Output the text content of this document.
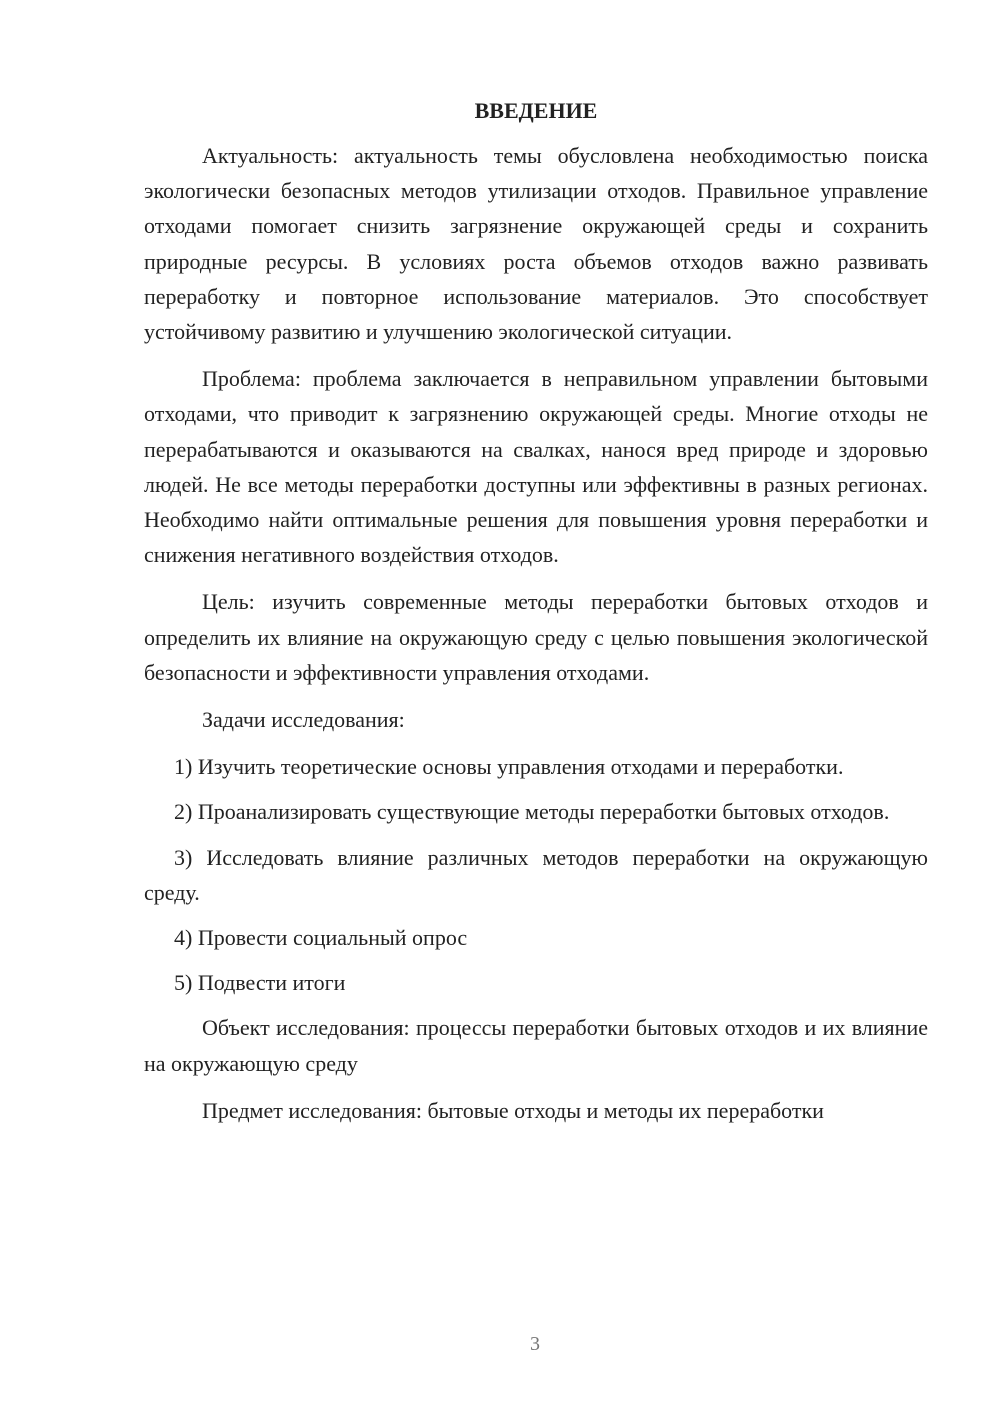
ВВЕДЕНИЕ

Актуальность: актуальность темы обусловлена необходимостью поиска экологически безопасных методов утилизации отходов. Правильное управление отходами помогает снизить загрязнение окружающей среды и сохранить природные ресурсы. В условиях роста объемов отходов важно развивать переработку и повторное использование материалов. Это способствует устойчивому развитию и улучшению экологической ситуации.

Проблема: проблема заключается в неправильном управлении бытовыми отходами, что приводит к загрязнению окружающей среды. Многие отходы не перерабатываются и оказываются на свалках, нанося вред природе и здоровью людей. Не все методы переработки доступны или эффективны в разных регионах. Необходимо найти оптимальные решения для повышения уровня переработки и снижения негативного воздействия отходов.

Цель: изучить современные методы переработки бытовых отходов и определить их влияние на окружающую среду с целью повышения экологической безопасности и эффективности управления отходами.

Задачи исследования:

1) Изучить теоретические основы управления отходами и переработки.

2) Проанализировать существующие методы переработки бытовых отходов.

3) Исследовать влияние различных методов переработки на окружающую среду.

4) Провести социальный опрос

5) Подвести итоги

Объект исследования: процессы переработки бытовых отходов и их влияние на окружающую среду

Предмет исследования: бытовые отходы и методы их переработки

3
